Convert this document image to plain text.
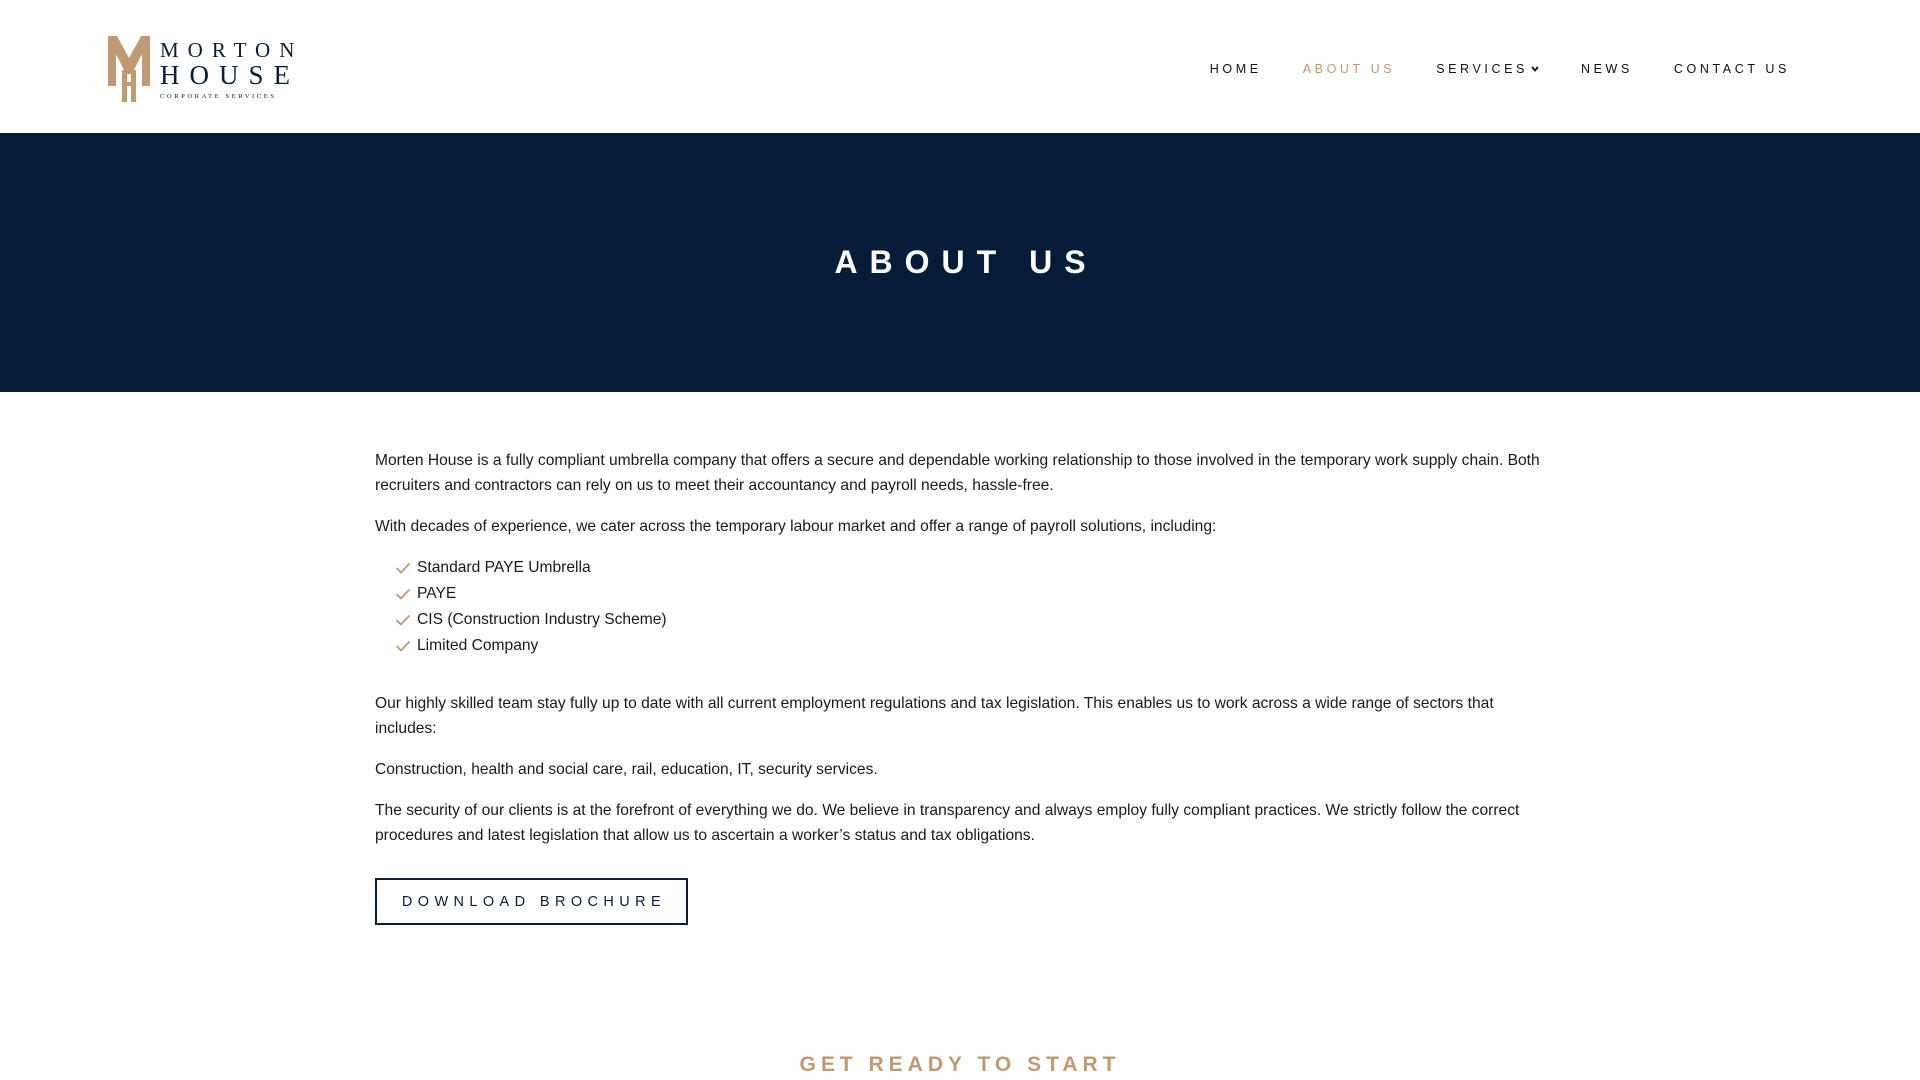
MORTON
HOUSE
CORPORATE SERVICES
HOME	ABOUT US	SERVICES	NEWS	CONTACT US
ABOUT US

Morten House is a fully compliant umbrella company that offers a secure and dependable working relationship to those involved in the temporary work supply chain. Both recruiters and contractors can rely on us to meet their accountancy and payroll needs, hassle-free.

With decades of experience, we cater across the temporary labour market and offer a range of payroll solutions, including:

Standard PAYE Umbrella
PAYE
CIS (Construction Industry Scheme)
Limited Company

Our highly skilled team stay fully up to date with all current employment regulations and tax legislation. This enables us to work across a wide range of sectors that includes:

Construction, health and social care, rail, education, IT, security services.

The security of our clients is at the forefront of everything we do. We believe in transparency and always employ fully compliant practices. We strictly follow the correct procedures and latest legislation that allow us to ascertain a worker’s status and tax obligations.

DOWNLOAD BROCHURE
GET READY TO START
